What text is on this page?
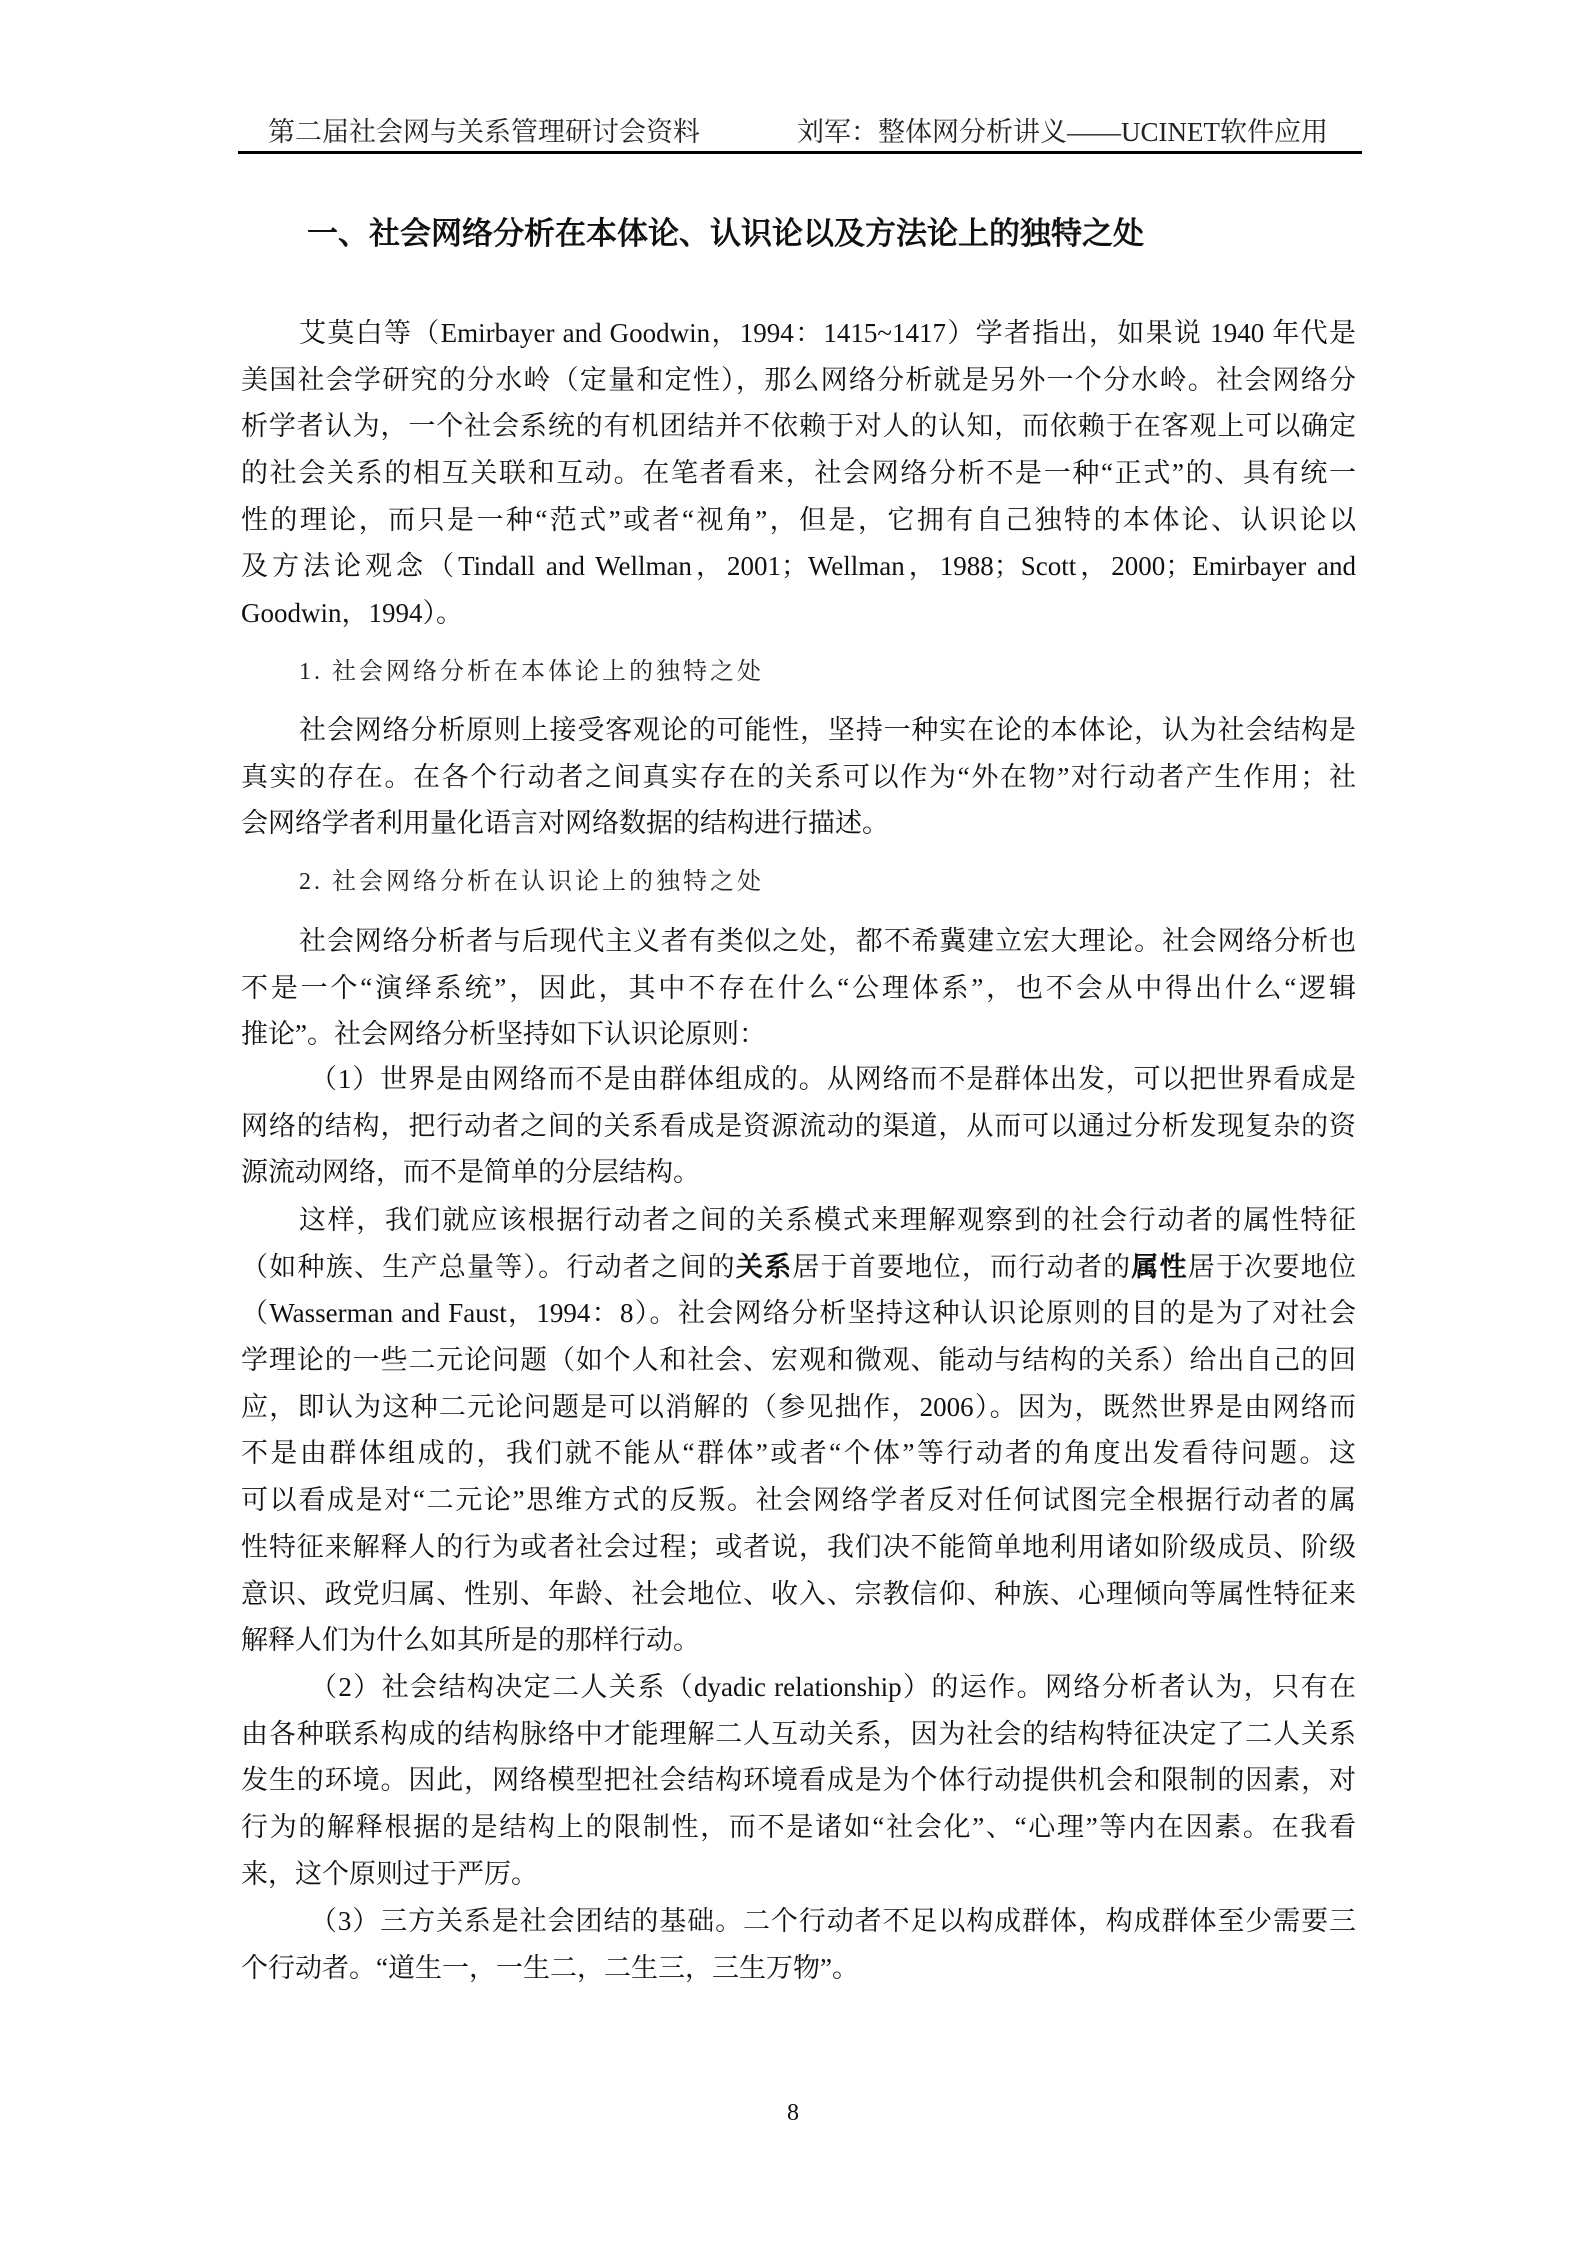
第二届社会网与关系管理研讨会资料	刘军：整体网分析讲义——UCINET软件应用
一、社会网络分析在本体论、认识论以及方法论上的独特之处
艾莫白等（Emirbayer and Goodwin，1994：1415~1417）学者指出，如果说 1940 年代是
美国社会学研究的分水岭（定量和定性），那么网络分析就是另外一个分水岭。社会网络分
析学者认为，一个社会系统的有机团结并不依赖于对人的认知，而依赖于在客观上可以确定
的社会关系的相互关联和互动。在笔者看来，社会网络分析不是一种“正式”的、具有统一
性的理论，而只是一种“范式”或者“视角”，但是，它拥有自己独特的本体论、认识论以
及方法论观念（Tindall and Wellman，2001；Wellman，1988；Scott，2000；Emirbayer and
Goodwin，1994）。
1. 社会网络分析在本体论上的独特之处
社会网络分析原则上接受客观论的可能性，坚持一种实在论的本体论，认为社会结构是
真实的存在。在各个行动者之间真实存在的关系可以作为“外在物”对行动者产生作用；社
会网络学者利用量化语言对网络数据的结构进行描述。
2. 社会网络分析在认识论上的独特之处
社会网络分析者与后现代主义者有类似之处，都不希冀建立宏大理论。社会网络分析也
不是一个“演绎系统”，因此，其中不存在什么“公理体系”，也不会从中得出什么“逻辑
推论”。社会网络分析坚持如下认识论原则：
（1）世界是由网络而不是由群体组成的。从网络而不是群体出发，可以把世界看成是
网络的结构，把行动者之间的关系看成是资源流动的渠道，从而可以通过分析发现复杂的资
源流动网络，而不是简单的分层结构。
这样，我们就应该根据行动者之间的关系模式来理解观察到的社会行动者的属性特征
（如种族、生产总量等）。行动者之间的关系居于首要地位，而行动者的属性居于次要地位
（Wasserman and Faust，1994：8）。社会网络分析坚持这种认识论原则的目的是为了对社会
学理论的一些二元论问题（如个人和社会、宏观和微观、能动与结构的关系）给出自己的回
应，即认为这种二元论问题是可以消解的（参见拙作，2006）。因为，既然世界是由网络而
不是由群体组成的，我们就不能从“群体”或者“个体”等行动者的角度出发看待问题。这
可以看成是对“二元论”思维方式的反叛。社会网络学者反对任何试图完全根据行动者的属
性特征来解释人的行为或者社会过程；或者说，我们决不能简单地利用诸如阶级成员、阶级
意识、政党归属、性别、年龄、社会地位、收入、宗教信仰、种族、心理倾向等属性特征来
解释人们为什么如其所是的那样行动。
（2）社会结构决定二人关系（dyadic relationship）的运作。网络分析者认为，只有在
由各种联系构成的结构脉络中才能理解二人互动关系，因为社会的结构特征决定了二人关系
发生的环境。因此，网络模型把社会结构环境看成是为个体行动提供机会和限制的因素，对
行为的解释根据的是结构上的限制性，而不是诸如“社会化”、“心理”等内在因素。在我看
来，这个原则过于严厉。
（3）三方关系是社会团结的基础。二个行动者不足以构成群体，构成群体至少需要三
个行动者。“道生一，一生二，二生三，三生万物”。
8
